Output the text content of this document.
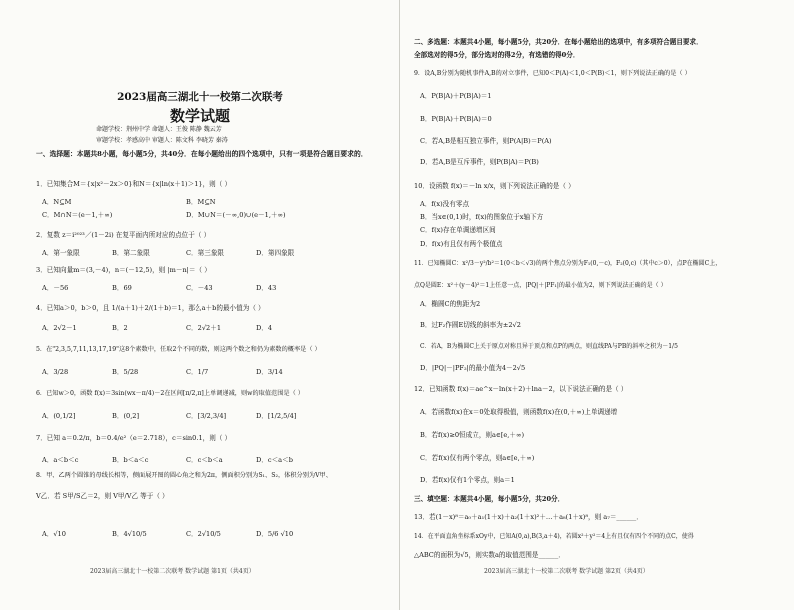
2023届高三湖北十一校第二次联考
数学试题
命题学校：荆州中学 命题人：王俊 陈静 魏云芳
审题学校：孝感高中 审题人：陈文科 李晓芳 秦涛
一、选择题：本题共8小题，每小题5分，共40分．在每小题给出的四个选项中，只有一项是符合题目要求的．
1．已知集合M＝{x|x²－2x＞0}和N＝{x|ln(x＋1)＞1}，则（ ）
A．N⊆M	B．M⊆N
C．M∩N＝(e－1,＋∞)	D．M∪N＝(－∞,0)∪(e－1,＋∞)
2．复数 z＝i²⁰²³／(1－2i) 在复平面内所对应的点位于（ ）
A．第一象限	B．第二象限	C．第三象限	D．第四象限
3．已知向量m＝(3,－4)，n＝(－12,5)，则 |m－n|＝（ ）
A．－56	B．69	C．－43	D．43
4．已知a＞0，b＞0，且 1/(a＋1)＋2/(1＋b)＝1，那么a＋b的最小值为（ ）
A．2√2－1	B．2	C．2√2＋1	D．4
5．在"2,3,5,7,11,13,17,19"这8个素数中，任取2个不同的数，则这两个数之和仍为素数的概率是（ ）
A．3/28	B．5/28	C．1/7	D．3/14
6．已知w＞0，函数 f(x)＝3sin(wx－π/4)－2在区间[π/2,π]上单调递减，则w的取值范围是（ ）
A．(0,1/2]	B．(0,2]	C．[3/2,3/4]	D．[1/2,5/4]
7．已知 a＝0.2/π，b＝0.4/e²（e＝2.718），c＝sin0.1，则（ ）
A．a＜b＜c	B．b＜a＜c	C．c＜b＜a	D．c＜a＜b
8．甲、乙两个圆锥的母线长相等，侧面展开图的圆心角之和为2π，侧面积分别为S₁、S₂，体积分别为V甲、
V乙．若 S甲/S乙＝2，则 V甲/V乙 等于（ ）
A．√10	B．4√10/5	C．2√10/5	D．5/6 √10
2023届高三湖北十一校第二次联考 数学试题 第1页（共4页）
二、多选题：本题共4小题，每小题5分，共20分．在每小题给出的选项中，有多项符合题目要求．
全部选对的得5分，部分选对的得2分，有选错的得0分．
9．设A,B分别为随机事件A,B的对立事件，已知0＜P(A)＜1,0＜P(B)＜1，则下列说法正确的是（ ）
A．P(B|A)＋P(B|A)＝1
B．P(B|A)＋P(B|A)＝0
C．若A,B是相互独立事件，则P(A|B)＝P(A)
D．若A,B是互斥事件，则P(B|A)＝P(B)
10．设函数 f(x)＝－ln x/x，则下列说法正确的是（ ）
A．f(x)没有零点
B．当x∈(0,1)时，f(x)的图象位于x轴下方
C．f(x)存在单调递增区间
D．f(x)有且仅有两个极值点
11．已知椭圆C：x²/3－y²/b²＝1(0＜b＜√3)的两个焦点分别为F₁(0,－c)，F₂(0,c)（其中c＞0），点P在椭圆C上，
点Q是圆E：x²＋(y－4)²＝1上任意一点，|PQ|＋|PF₁|的最小值为2，则下列说法正确的是（ ）
A．椭圆C的焦距为2
B．过F₂作圆E切线的斜率为±2√2
C．若A，B为椭圆C上关于原点对称且异于顶点和点P的两点，则直线PA与PB的斜率之积为－1/5
D．|PQ|－|PF₂|的最小值为4－2√5
12．已知函数 f(x)＝ae^x－ln(x＋2)＋lna－2，以下说法正确的是（ ）
A．若函数f(x)在x＝0处取得极值，则函数f(x)在(0,＋∞)上单调递增
B．若f(x)≥0恒成立，则a∈[e,＋∞)
C．若f(x)仅有两个零点，则a∈[e,＋∞)
D．若f(x)仅有1个零点，则a＝1
三、填空题：本题共4小题，每小题5分，共20分．
13．若(1－x)⁸＝a₀＋a₁(1＋x)＋a₂(1＋x)²＋…＋a₈(1＋x)⁸，则 a₇＝______．
14．在平面直角坐标系xOy中，已知A(0,a),B(3,a＋4)，若圆x²＋y²＝4上有且仅有四个不同的点C，使得
△ABC的面积为√5，则实数a的取值范围是______．
2023届高三湖北十一校第二次联考 数学试题 第2页（共4页）
